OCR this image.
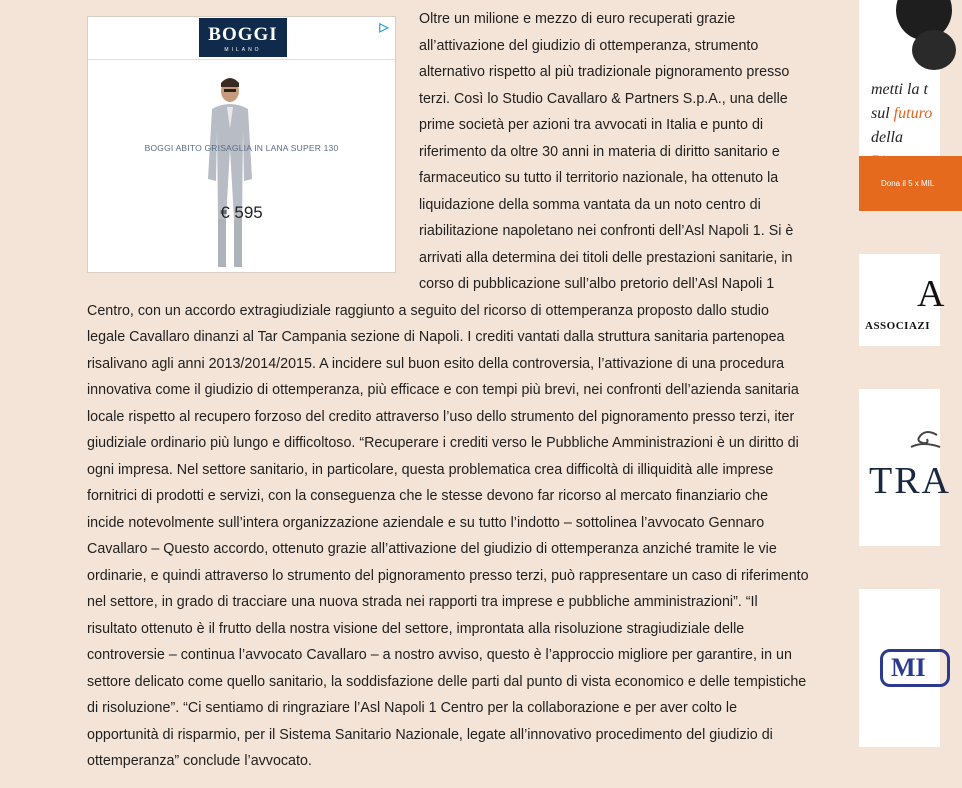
BOGGI
MILANO
▷
BOGGI ABITO GRISAGLIA IN LANA SUPER 130
€ 595

Oltre un milione e mezzo di euro recuperati grazie all’attivazione del giudizio di ottemperanza, strumento alternativo rispetto al più tradizionale pignoramento presso terzi. Così lo Studio Cavallaro & Partners S.p.A., una delle prime società per azioni tra avvocati in Italia e punto di riferimento da oltre 30 anni in materia di diritto sanitario e farmaceutico su tutto il territorio nazionale, ha ottenuto la liquidazione della somma vantata da un noto centro di riabilitazione napoletano nei confronti dell’Asl Napoli 1. Si è arrivati alla determina dei titoli delle prestazioni sanitarie, in corso di pubblicazione sull’albo pretorio dell’Asl Napoli 1 Centro, con un accordo extragiudiziale raggiunto a seguito del ricorso di ottemperanza proposto dallo studio legale Cavallaro dinanzi al Tar Campania sezione di Napoli. I crediti vantati dalla struttura sanitaria partenopea risalivano agli anni 2013/2014/2015. A incidere sul buon esito della controversia, l’attivazione di una procedura innovativa come il giudizio di ottemperanza, più efficace e con tempi più brevi, nei confronti dell’azienda sanitaria locale rispetto al recupero forzoso del credito attraverso l’uso dello strumento del pignoramento presso terzi, iter giudiziale ordinario più lungo e difficoltoso. “Recuperare i crediti verso le Pubbliche Amministrazioni è un diritto di ogni impresa. Nel settore sanitario, in particolare, questa problematica crea difficoltà di illiquidità alle imprese fornitrici di prodotti e servizi, con la conseguenza che le stesse devono far ricorso al mercato finanziario che incide notevolmente sull’intera organizzazione aziendale e su tutto l’indotto – sottolinea l’avvocato Gennaro Cavallaro – Questo accordo, ottenuto grazie all’attivazione del giudizio di ottemperanza anziché tramite le vie ordinarie, e quindi attraverso lo strumento del pignoramento presso terzi, può rappresentare un caso di riferimento nel settore, in grado di tracciare una nuova strada nei rapporti tra imprese e pubbliche amministrazioni”. “Il risultato ottenuto è il frutto della nostra visione del settore, improntata alla risoluzione stragiudiziale delle controversie – continua l’avvocato Cavallaro – a nostro avviso, questo è l’approccio migliore per garantire, in un settore delicato come quello sanitario, la soddisfazione delle parti dal punto di vista economico e delle tempistiche di risoluzione”. “Ci sentiamo di ringraziare l’Asl Napoli 1 Centro per la collaborazione e per aver colto le opportunità di risparmio, per il Sistema Sanitario Nazionale, legate all’innovativo procedimento del giudizio di ottemperanza” conclude l’avvocato.

metti la t
sul futuro
della
Dona il 5 x MIL
A
ASSOCIAZI
TRA
MI
